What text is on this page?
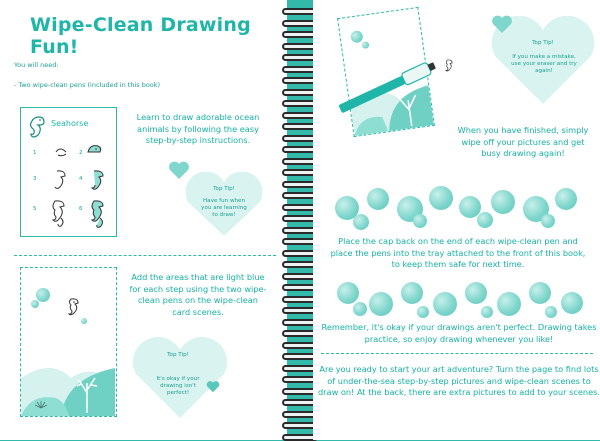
Wipe-Clean Drawing Fun!
You will need:
- Two wipe-clean pens (included in this book)
Seahorse
1	2
3	4
5	6
Learn to draw adorable ocean animals by following the easy step-by-step instructions.
Top Tip!
Have fun when you are learning to draw!
Add the areas that are light blue for each step using the two wipe-clean pens on the wipe-clean card scenes.
Top Tip!
It's okay if your drawing isn't perfect!
Top Tip!
If you make a mistake, use your eraser and try again!
When you have finished, simply wipe off your pictures and get busy drawing again!
Place the cap back on the end of each wipe-clean pen and place the pens into the tray attached to the front of this book, to keep them safe for next time.
Remember, it's okay if your drawings aren't perfect. Drawing takes practice, so enjoy drawing whenever you like!
Are you ready to start your art adventure? Turn the page to find lots of under-the-sea step-by-step pictures and wipe-clean scenes to draw on! At the back, there are extra pictures to add to your scenes.
